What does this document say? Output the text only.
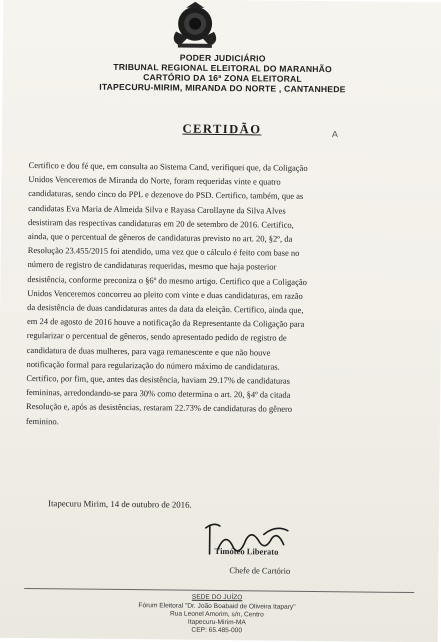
PODER JUDICIÁRIO
TRIBUNAL REGIONAL ELEITORAL DO MARANHÃO
CARTÓRIO DA 16ª ZONA ELEITORAL
ITAPECURU-MIRIM, MIRANDA DO NORTE , CANTANHEDE
CERTIDÃO	A

Certifico e dou fé que, em consulta ao Sistema Cand, verifiquei que, da Coligação

Unidos Venceremos de Miranda do Norte, foram requeridas vinte e quatro

candidaturas, sendo cinco do PPL e dezenove do PSD. Certifico, também, que as

candidatas Eva Maria de Almeida Silva e Rayasa Carollayne da Silva Alves

desistiram das respectivas candidaturas em 20 de setembro de 2016. Certifico,

ainda, que o percentual de gêneros de candidaturas previsto no art. 20, §2º, da

Resolução 23.455/2015 foi atendido, uma vez que o cálculo é feito com base no

número de registro de candidaturas requeridas, mesmo que haja posterior

desistência, conforme preconiza o §6º do mesmo artigo. Certifico que a Coligação

Unidos Venceremos concorreu ao pleito com vinte e duas candidaturas, em razão

da desistência de duas candidaturas antes da data da eleição. Certifico, ainda que,

em 24 de agosto de 2016 houve a notificação da Representante da Coligação para

regularizar o percentual de gêneros, sendo apresentado pedido de registro de

candidatura de duas mulheres, para vaga remanescente e que não houve

notificação formal para regularização do número máximo de candidaturas.

Certifico, por fim, que, antes das desistência, haviam 29.17% de candidaturas

femininas, arredondando-se para 30% como determina o art. 20, §4º da citada

Resolução e, após as desistências, restaram 22.73% de candidaturas do gênero

feminino.

Itapecuru Mirim, 14 de outubro de 2016.
Timóteo Liberato
Chefe de Cartório
SEDE DO JUÍZO
Fórum Eleitoral "Dr. João Boabaid de Oliveira Itapary"
Rua Leonel Amorim, s/n, Centro
Itapecuru-Mirim-MA
CEP: 65.485-000
